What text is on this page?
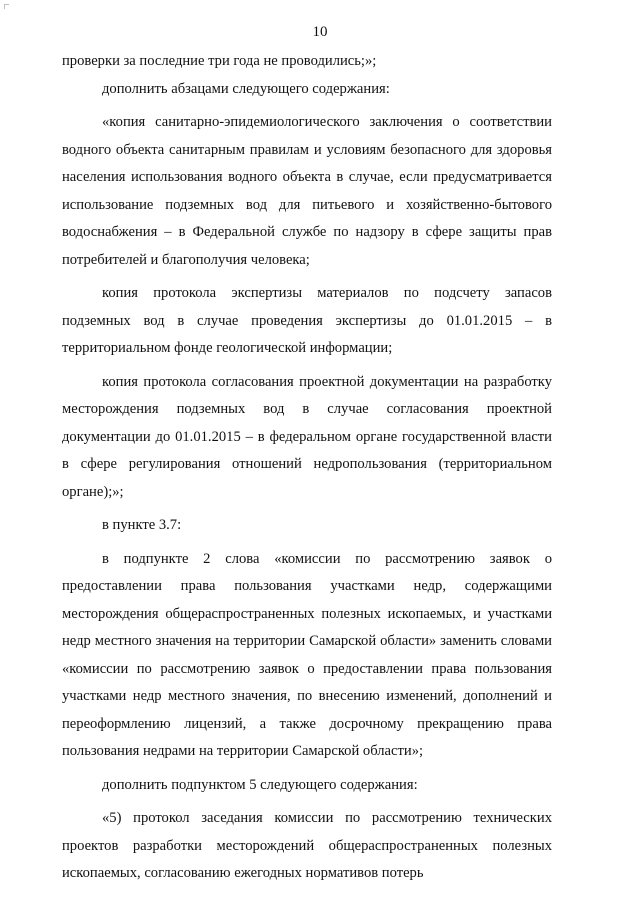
10

проверки за последние три года не проводились;»;

дополнить абзацами следующего содержания:

«копия санитарно-эпидемиологического заключения о соответствии водного объекта санитарным правилам и условиям безопасного для здоровья населения использования водного объекта в случае, если предусматривается использование подземных вод для питьевого и хозяйственно-бытового водоснабжения – в Федеральной службе по надзору в сфере защиты прав потребителей и благополучия человека;

копия протокола экспертизы материалов по подсчету запасов подземных вод в случае проведения экспертизы до 01.01.2015 – в территориальном фонде геологической информации;

копия протокола согласования проектной документации на разработку месторождения подземных вод в случае согласования проектной документации до 01.01.2015 – в федеральном органе государственной власти в сфере регулирования отношений недропользования (территориальном органе);»;

в пункте 3.7:

в подпункте 2 слова «комиссии по рассмотрению заявок о предоставлении права пользования участками недр, содержащими месторождения общераспространенных полезных ископаемых, и участками недр местного значения на территории Самарской области» заменить словами «комиссии по рассмотрению заявок о предоставлении права пользования участками недр местного значения, по внесению изменений, дополнений и переоформлению лицензий, а также досрочному прекращению права пользования недрами на территории Самарской области»;

дополнить подпунктом 5 следующего содержания:

«5) протокол заседания комиссии по рассмотрению технических проектов разработки месторождений общераспространенных полезных ископаемых, согласованию ежегодных нормативов потерь
